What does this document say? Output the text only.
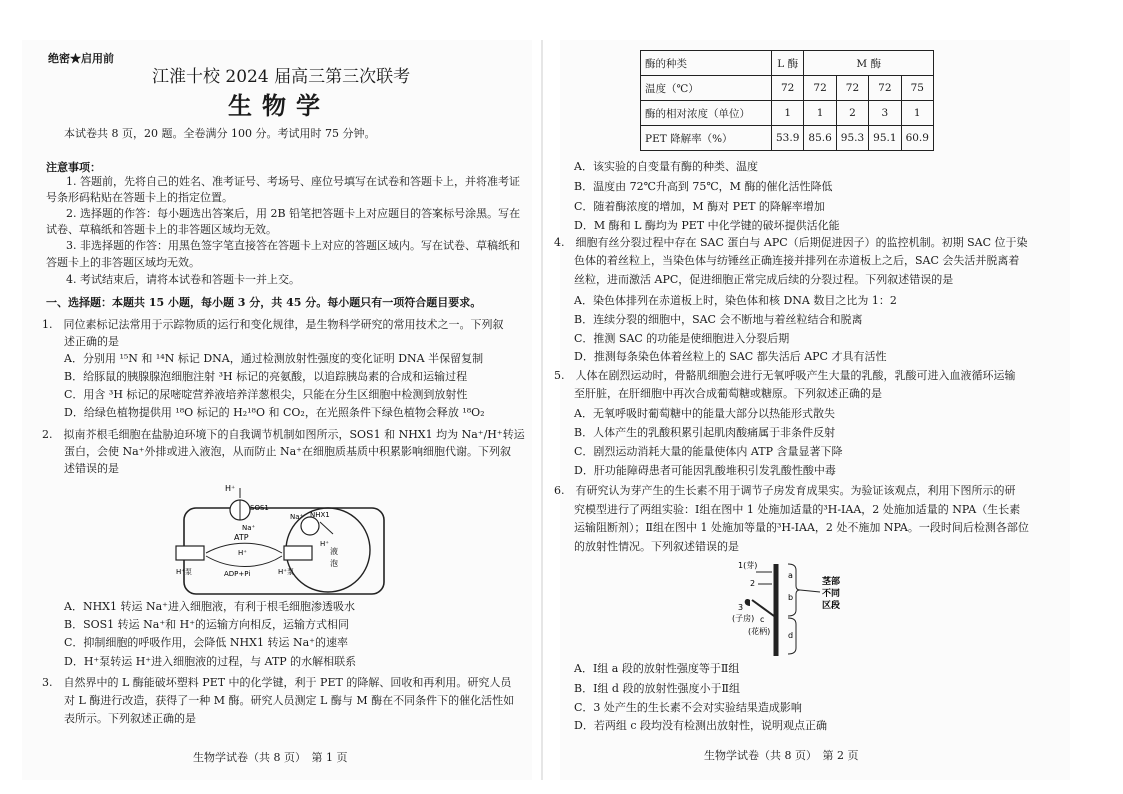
绝密★启用前
江淮十校 2024 届高三第三次联考
生物学
本试卷共 8 页，20 题。全卷满分 100 分。考试用时 75 分钟。
注意事项：
1. 答题前，先将自己的姓名、准考证号、考场号、座位号填写在试卷和答题卡上，并将准考证
号条形码粘贴在答题卡上的指定位置。
2. 选择题的作答：每小题选出答案后，用 2B 铅笔把答题卡上对应题目的答案标号涂黑。写在
试卷、草稿纸和答题卡上的非答题区域均无效。
3. 非选择题的作答：用黑色签字笔直接答在答题卡上对应的答题区域内。写在试卷、草稿纸和
答题卡上的非答题区域均无效。
4. 考试结束后，请将本试卷和答题卡一并上交。
一、选择题：本题共 15 小题，每小题 3 分，共 45 分。每小题只有一项符合题目要求。
1.　同位素标记法常用于示踪物质的运行和变化规律，是生物科学研究的常用技术之一。下列叙
述正确的是
A．分别用 ¹⁵N 和 ¹⁴N 标记 DNA，通过检测放射性强度的变化证明 DNA 半保留复制
B．给豚鼠的胰腺腺泡细胞注射 ³H 标记的亮氨酸，以追踪胰岛素的合成和运输过程
C．用含 ³H 标记的尿嘧啶营养液培养洋葱根尖，只能在分生区细胞中检测到放射性
D．给绿色植物提供用 ¹⁸O 标记的 H₂¹⁸O 和 CO₂，在光照条件下绿色植物会释放 ¹⁸O₂
2.　拟南芥根毛细胞在盐胁迫环境下的自我调节机制如图所示，SOS1 和 NHX1 均为 Na⁺/H⁺转运
蛋白，会使 Na⁺外排或进入液泡，从而防止 Na⁺在细胞质基质中积累影响细胞代谢。下列叙
述错误的是
H⁺
SOS1
Na⁺ NHX1
Na⁺
ATP
H⁺
H⁺
液
泡
H⁺泵	H⁺泵
ADP+Pi
A．NHX1 转运 Na⁺进入细胞液，有利于根毛细胞渗透吸水
B．SOS1 转运 Na⁺和 H⁺的运输方向相反，运输方式相同
C．抑制细胞的呼吸作用，会降低 NHX1 转运 Na⁺的速率
D．H⁺泵转运 H⁺进入细胞液的过程，与 ATP 的水解相联系
3.　自然界中的 L 酶能破坏塑料 PET 中的化学键，利于 PET 的降解、回收和再利用。研究人员
对 L 酶进行改造，获得了一种 M 酶。研究人员测定 L 酶与 M 酶在不同条件下的催化活性如
表所示。下列叙述正确的是
生物学试卷（共 8 页）　第 1 页
酶的种类	L 酶	M 酶			
温度（℃）	72	72	72	72	75
酶的相对浓度（单位）	1	1	2	3	1
PET 降解率（%）	53.9	85.6	95.3	95.1	60.9
A．该实验的自变量有酶的种类、温度
B．温度由 72℃升高到 75℃，M 酶的催化活性降低
C．随着酶浓度的增加，M 酶对 PET 的降解率增加
D．M 酶和 L 酶均为 PET 中化学键的破坏提供活化能
4.　细胞有丝分裂过程中存在 SAC 蛋白与 APC（后期促进因子）的监控机制。初期 SAC 位于染
色体的着丝粒上，当染色体与纺锤丝正确连接并排列在赤道板上之后，SAC 会失活并脱离着
丝粒，进而激活 APC，促进细胞正常完成后续的分裂过程。下列叙述错误的是
A．染色体排列在赤道板上时，染色体和核 DNA 数目之比为 1：2
B．连续分裂的细胞中，SAC 会不断地与着丝粒结合和脱离
C．推测 SAC 的功能是使细胞进入分裂后期
D．推测每条染色体着丝粒上的 SAC 都失活后 APC 才具有活性
5.　人体在剧烈运动时，骨骼肌细胞会进行无氧呼吸产生大量的乳酸，乳酸可进入血液循环运输
至肝脏，在肝细胞中再次合成葡萄糖或糖原。下列叙述正确的是
A．无氧呼吸时葡萄糖中的能量大部分以热能形式散失
B．人体产生的乳酸积累引起肌肉酸痛属于非条件反射
C．剧烈运动消耗大量的能量使体内 ATP 含量显著下降
D．肝功能障碍患者可能因乳酸堆积引发乳酸性酸中毒
6.　有研究认为芽产生的生长素不用于调节子房发育成果实。为验证该观点，利用下图所示的研
究模型进行了两组实验：Ⅰ组在图中 1 处施加适量的³H-IAA，2 处施加适量的 NPA（生长素
运输阻断剂）；Ⅱ组在图中 1 处施加等量的³H-IAA，2 处不施加 NPA。一段时间后检测各部位
的放射性情况。下列叙述错误的是
1(芽)
2
3
(子房) c
(花柄)
a
b
d
茎部
不同
区段
A．Ⅰ组 a 段的放射性强度等于Ⅱ组
B．Ⅰ组 d 段的放射性强度小于Ⅱ组
C．3 处产生的生长素不会对实验结果造成影响
D．若两组 c 段均没有检测出放射性，说明观点正确
生物学试卷（共 8 页）　第 2 页
